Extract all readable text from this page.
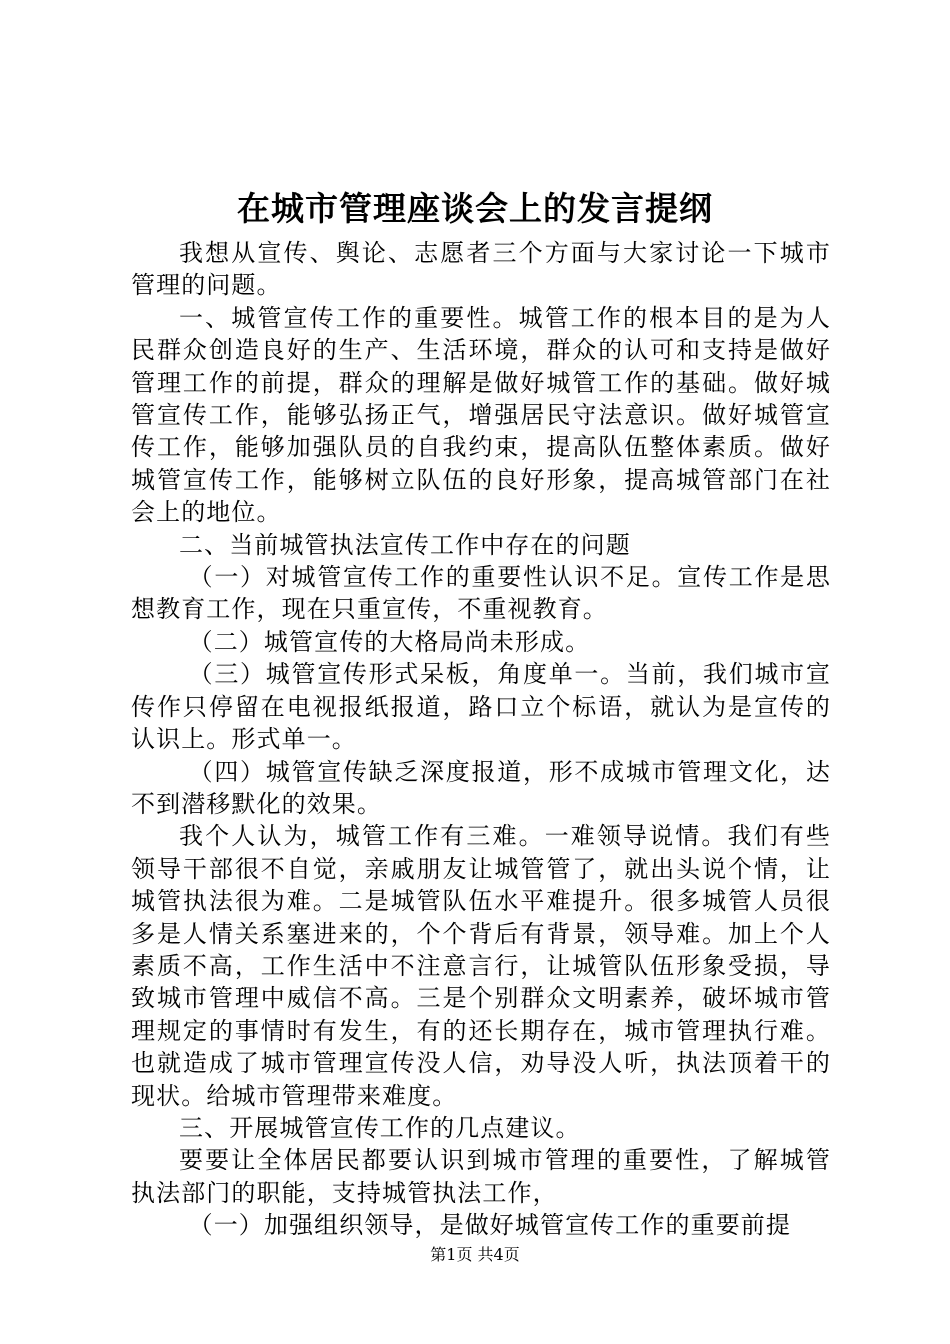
在城市管理座谈会上的发言提纲

我想从宣传、舆论、志愿者三个方面与大家讨论一下城市管理的问题。

一、城管宣传工作的重要性。城管工作的根本目的是为人民群众创造良好的生产、生活环境，群众的认可和支持是做好管理工作的前提，群众的理解是做好城管工作的基础。做好城管宣传工作，能够弘扬正气，增强居民守法意识。做好城管宣传工作，能够加强队员的自我约束，提高队伍整体素质。做好城管宣传工作，能够树立队伍的良好形象，提高城管部门在社会上的地位。

二、当前城管执法宣传工作中存在的问题

（一）对城管宣传工作的重要性认识不足。宣传工作是思想教育工作，现在只重宣传，不重视教育。

（二）城管宣传的大格局尚未形成。

（三）城管宣传形式呆板，角度单一。当前，我们城市宣传作只停留在电视报纸报道，路口立个标语，就认为是宣传的认识上。形式单一。

（四）城管宣传缺乏深度报道，形不成城市管理文化，达不到潜移默化的效果。

我个人认为，城管工作有三难。一难领导说情。我们有些领导干部很不自觉，亲戚朋友让城管管了，就出头说个情，让城管执法很为难。二是城管队伍水平难提升。很多城管人员很多是人情关系塞进来的，个个背后有背景，领导难。加上个人素质不高，工作生活中不注意言行，让城管队伍形象受损，导致城市管理中威信不高。三是个别群众文明素养，破坏城市管理规定的事情时有发生，有的还长期存在，城市管理执行难。也就造成了城市管理宣传没人信，劝导没人听，执法顶着干的现状。给城市管理带来难度。

三、开展城管宣传工作的几点建议。

要要让全体居民都要认识到城市管理的重要性，了解城管执法部门的职能，支持城管执法工作，

（一）加强组织领导，是做好城管宣传工作的重要前提

第1页 共4页
